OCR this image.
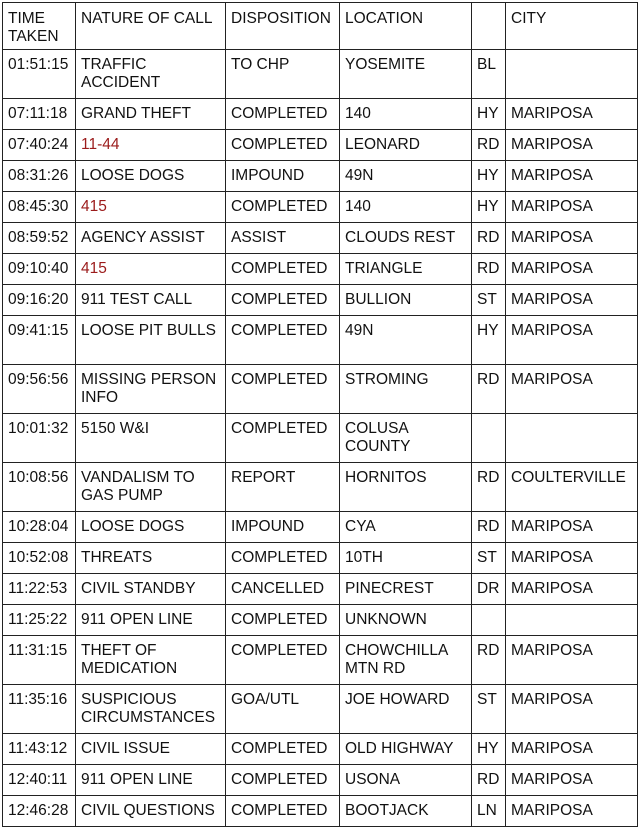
TIME TAKEN	NATURE OF CALL	DISPOSITION	LOCATION		CITY
01:51:15	TRAFFIC ACCIDENT	TO CHP	YOSEMITE	BL	
07:11:18	GRAND THEFT	COMPLETED	140	HY	MARIPOSA
07:40:24	11-44	COMPLETED	LEONARD	RD	MARIPOSA
08:31:26	LOOSE DOGS	IMPOUND	49N	HY	MARIPOSA
08:45:30	415	COMPLETED	140	HY	MARIPOSA
08:59:52	AGENCY ASSIST	ASSIST	CLOUDS REST	RD	MARIPOSA
09:10:40	415	COMPLETED	TRIANGLE	RD	MARIPOSA
09:16:20	911 TEST CALL	COMPLETED	BULLION	ST	MARIPOSA
09:41:15	LOOSE PIT BULLS	COMPLETED	49N	HY	MARIPOSA
09:56:56	MISSING PERSON INFO	COMPLETED	STROMING	RD	MARIPOSA
10:01:32	5150 W&I	COMPLETED	COLUSA COUNTY		
10:08:56	VANDALISM TO GAS PUMP	REPORT	HORNITOS	RD	COULTERVILLE
10:28:04	LOOSE DOGS	IMPOUND	CYA	RD	MARIPOSA
10:52:08	THREATS	COMPLETED	10TH	ST	MARIPOSA
11:22:53	CIVIL STANDBY	CANCELLED	PINECREST	DR	MARIPOSA
11:25:22	911 OPEN LINE	COMPLETED	UNKNOWN		
11:31:15	THEFT OF MEDICATION	COMPLETED	CHOWCHILLA MTN RD	RD	MARIPOSA
11:35:16	SUSPICIOUS CIRCUMSTANCES	GOA/UTL	JOE HOWARD	ST	MARIPOSA
11:43:12	CIVIL ISSUE	COMPLETED	OLD HIGHWAY	HY	MARIPOSA
12:40:11	911 OPEN LINE	COMPLETED	USONA	RD	MARIPOSA
12:46:28	CIVIL QUESTIONS	COMPLETED	BOOTJACK	LN	MARIPOSA
